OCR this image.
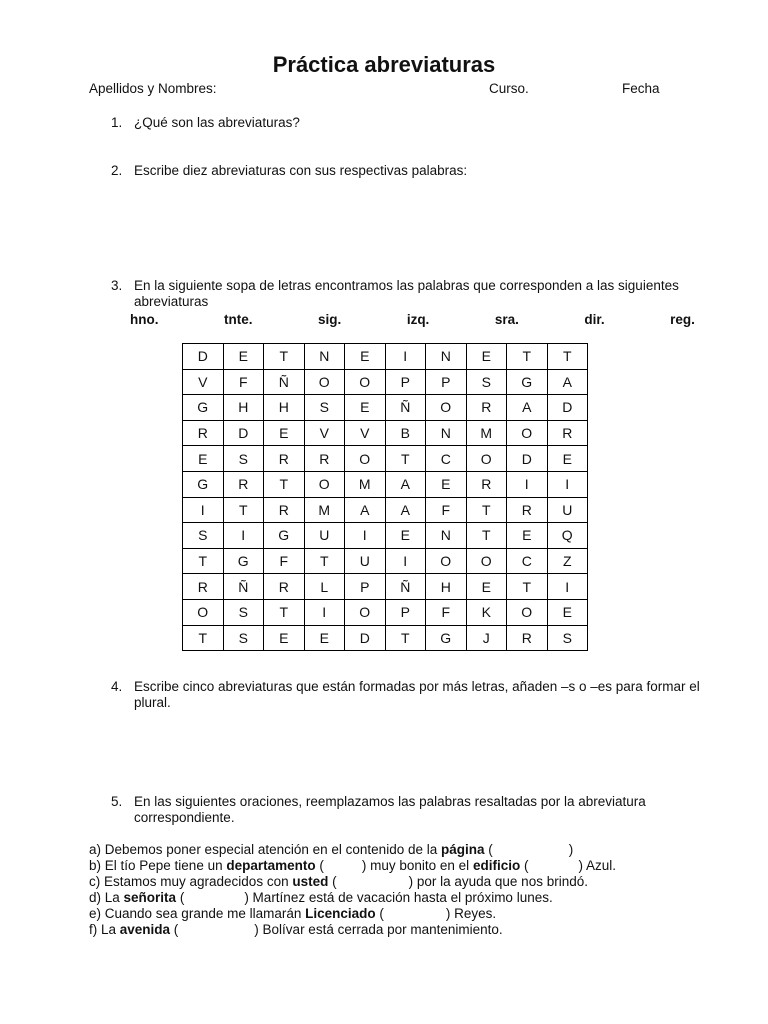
Práctica abreviaturas
Apellidos y Nombres:	Curso.	Fecha
1. ¿Qué son las abreviaturas?
2. Escribe diez abreviaturas con sus respectivas palabras:
3. En la siguiente sopa de letras encontramos las palabras que corresponden a las siguientes abreviaturas
hno.	tnte.	sig.	izq.	sra.	dir.	reg.
D	E	T	N	E	I	N	E	T	T
V	F	Ñ	O	O	P	P	S	G	A
G	H	H	S	E	Ñ	O	R	A	D
R	D	E	V	V	B	N	M	O	R
E	S	R	R	O	T	C	O	D	E
G	R	T	O	M	A	E	R	I	I
I	T	R	M	A	A	F	T	R	U
S	I	G	U	I	E	N	T	E	Q
T	G	F	T	U	I	O	O	C	Z
R	Ñ	R	L	P	Ñ	H	E	T	I
O	S	T	I	O	P	F	K	O	E
T	S	E	E	D	T	G	J	R	S
4. Escribe cinco abreviaturas que están formadas por más letras, añaden –s o –es para formar el plural.
5. En las siguientes oraciones, reemplazamos las palabras resaltadas por la abreviatura correspondiente.
a) Debemos poner especial atención en el contenido de la página (	)
b) El tío Pepe tiene un departamento (	) muy bonito en el edificio (	) Azul.
c) Estamos muy agradecidos con usted (	) por la ayuda que nos brindó.
d) La señorita (	) Martínez está de vacación hasta el próximo lunes.
e) Cuando sea grande me llamarán Licenciado (	) Reyes.
f) La avenida (	) Bolívar está cerrada por mantenimiento.
